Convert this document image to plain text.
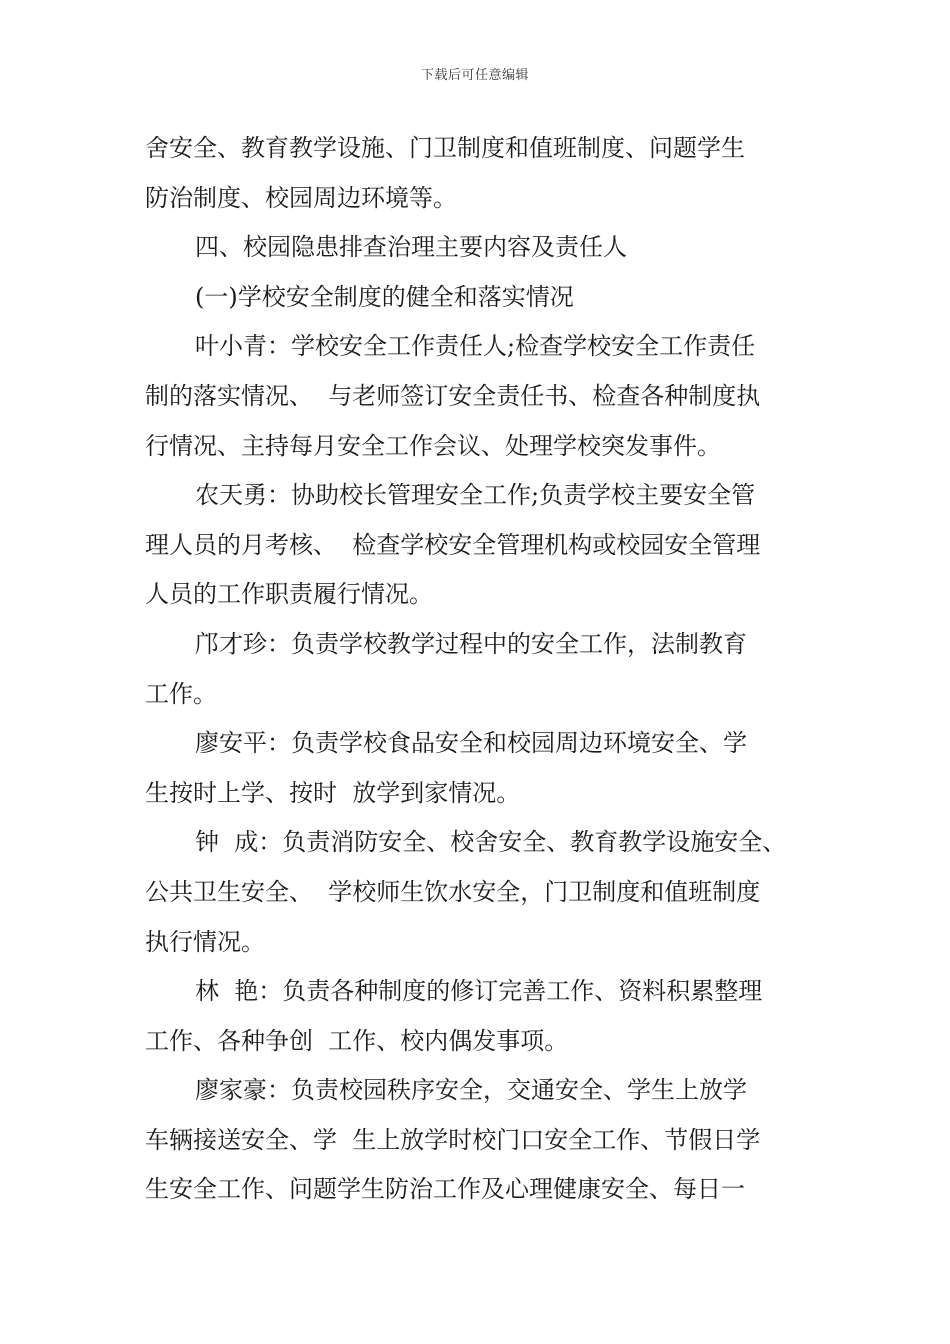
下载后可任意编辑
舍安全、教育教学设施、门卫制度和值班制度、问题学生
防治制度、校园周边环境等。
四、校园隐患排查治理主要内容及责任人
(一)学校安全制度的健全和落实情况
叶小青：学校安全工作责任人;检查学校安全工作责任
制的落实情况、  与老师签订安全责任书、检查各种制度执
行情况、主持每月安全工作会议、处理学校突发事件。
农天勇：协助校长管理安全工作;负责学校主要安全管
理人员的月考核、  检查学校安全管理机构或校园安全管理
人员的工作职责履行情况。
邝才珍：负责学校教学过程中的安全工作，法制教育
工作。
廖安平：负责学校食品安全和校园周边环境安全、学
生按时上学、按时  放学到家情况。
钟  成：负责消防安全、校舍安全、教育教学设施安全、
公共卫生安全、  学校师生饮水安全，门卫制度和值班制度
执行情况。
林  艳：负责各种制度的修订完善工作、资料积累整理
工作、各种争创  工作、校内偶发事项。
廖家豪：负责校园秩序安全，交通安全、学生上放学
车辆接送安全、学  生上放学时校门口安全工作、节假日学
生安全工作、问题学生防治工作及心理健康安全、每日一
